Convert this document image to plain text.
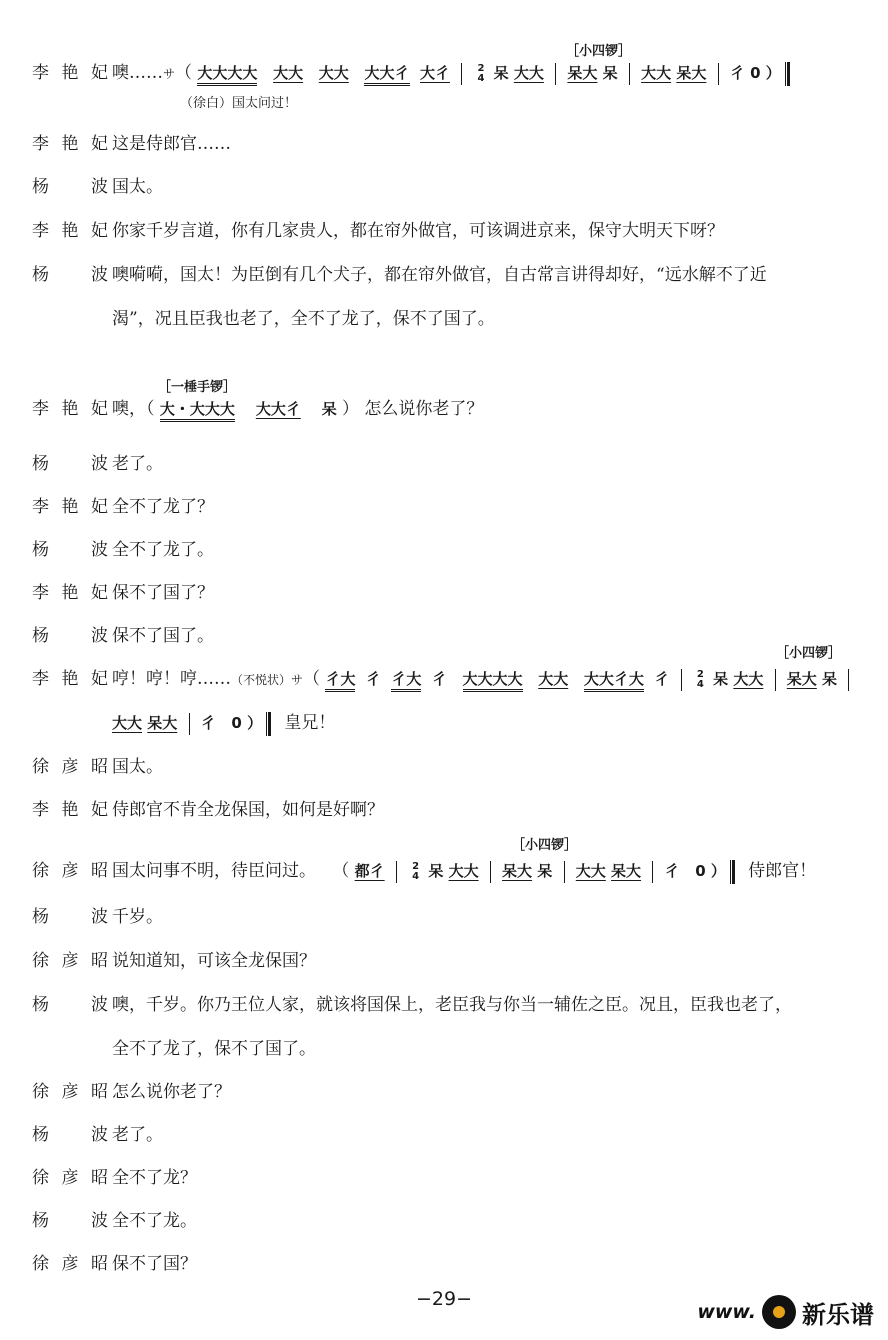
［小四锣］
李艳妃 噢……サ（ 大大大大 大大 大大 大大彳 大彳	2
4 呆 大大 呆大 呆 大大 呆大 彳 0 ）
（徐白）国太问过！
李艳妃 这是侍郎官……
杨　波 国太。
李艳妃 你家千岁言道，你有几家贵人，都在帘外做官，可该调进京来，保守大明天下呀？
杨　波 噢嗬嗬，国太！为臣倒有几个犬子，都在帘外做官，自古常言讲得却好，“远水解不了近
渴”，况且臣我也老了，全不了龙了，保不了国了。
［一棰手锣］
李艳妃 噢，（ 大・大大大 大大彳 呆 ） 怎么说你老了？
杨　波 老了。
李艳妃 全不了龙了？
杨　波 全不了龙了。
李艳妃 保不了国了？
杨　波 保不了国了。
［小四锣］
李艳妃 哼！哼！哼……（不悦状）サ（ 彳大 彳 彳大 彳 大大大大 大大 大大彳大 彳	2
4 呆 大大 呆大 呆
大大 呆大 彳 0 ） 皇兄！
徐彦昭 国太。
李艳妃 侍郎官不肯全龙保国，如何是好啊？
［小四锣］
徐彦昭 国太问事不明，待臣问过。 （ 都彳	2
4 呆 大大 呆大 呆 大大 呆大 彳 0 ） 侍郎官！
杨　波 千岁。
徐彦昭 说知道知，可该全龙保国？
杨　波 噢，千岁。你乃王位人家，就该将国保上，老臣我与你当一辅佐之臣。况且，臣我也老了，
全不了龙了，保不了国了。
徐彦昭 怎么说你老了？
杨　波 老了。
徐彦昭 全不了龙？
杨　波 全不了龙。
徐彦昭 保不了国？
−29−
www. 新乐谱
